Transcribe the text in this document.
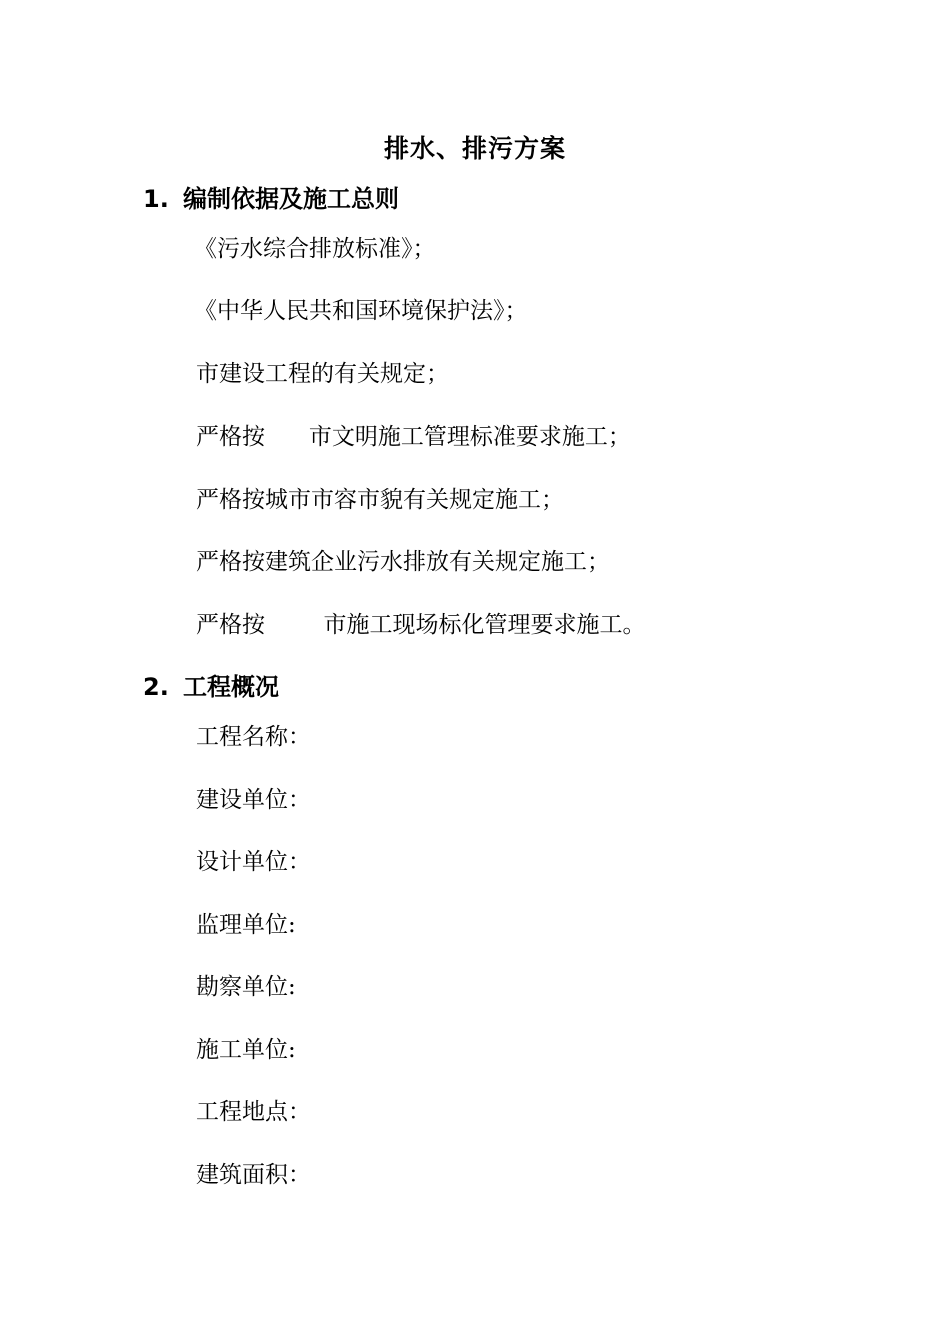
排水、排污方案
1. 编制依据及施工总则
《污水综合排放标准》；
《中华人民共和国环境保护法》；
市建设工程的有关规定；
严格按      市文明施工管理标准要求施工；
严格按城市市容市貌有关规定施工；
严格按建筑企业污水排放有关规定施工；
严格按        市施工现场标化管理要求施工。
2. 工程概况
工程名称：
建设单位：
设计单位：
监理单位:
勘察单位:
施工单位:
工程地点：
建筑面积：
